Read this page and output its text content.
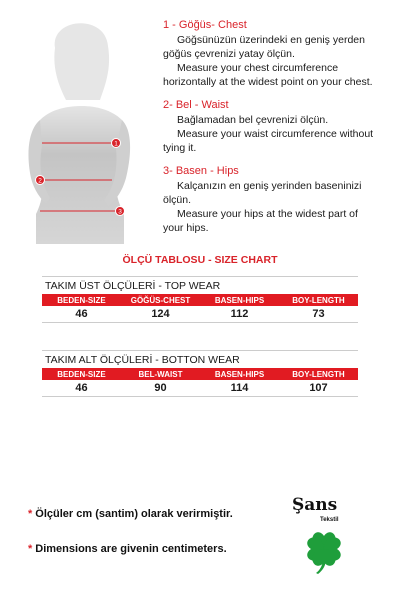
1
2
3
1 - Göğüs- Chest
Göğsünüzün üzerindeki en geniş yerden
göğüs çevrenizi yatay ölçün.
Measure your chest circumference
horizontally at the widest point on your chest.
2- Bel - Waist
Bağlamadan bel çevrenizi ölçün.
Measure your waist circumference without
tying it.
3- Basen - Hips
Kalçanızın en geniş yerinden baseninizi
ölçün.
Measure your hips at the widest part of
your hips.
ÖLÇÜ TABLOSU - SIZE CHART
TAKIM ÜST ÖLÇÜLERİ - TOP WEAR
BEDEN-SIZE	GÖĞÜS-CHEST	BASEN-HIPS	BOY-LENGTH
46	124	112	73
TAKIM ALT ÖLÇÜLERİ - BOTTON WEAR
BEDEN-SIZE	BEL-WAIST	BASEN-HIPS	BOY-LENGTH
46	90	114	107
* Ölçüler cm (santim) olarak verirmiştir.
* Dimensions are givenin centimeters.
Şans
Tekstil
